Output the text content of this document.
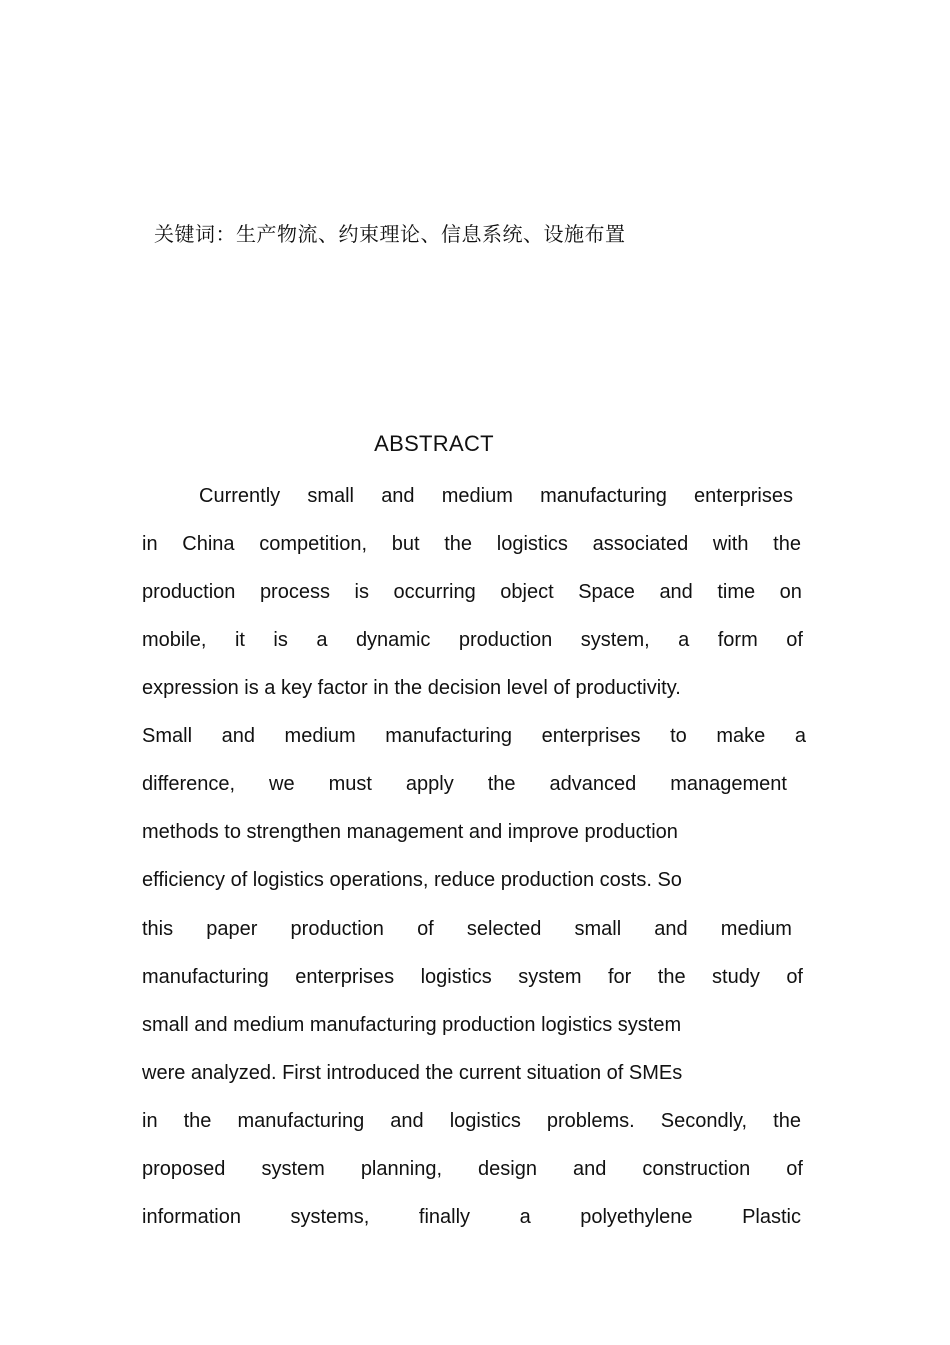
关键词：生产物流、约束理论、信息系统、设施布置
ABSTRACT
Currently small and medium manufacturing enterprises
in China competition, but the logistics associated with the
production process is occurring object Space and time on
mobile, it is a dynamic production system, a form of
expression is a key factor in the decision level of productivity.
Small and medium manufacturing enterprises to make a
difference, we must apply the advanced management
methods to strengthen management and improve production
efficiency of logistics operations, reduce production costs. So
this paper production of selected small and medium
manufacturing enterprises logistics system for the study of
small and medium manufacturing production logistics system
were analyzed. First introduced the current situation of SMEs
in the manufacturing and logistics problems. Secondly, the
proposed system planning, design and construction of
information systems, finally a polyethylene Plastic
